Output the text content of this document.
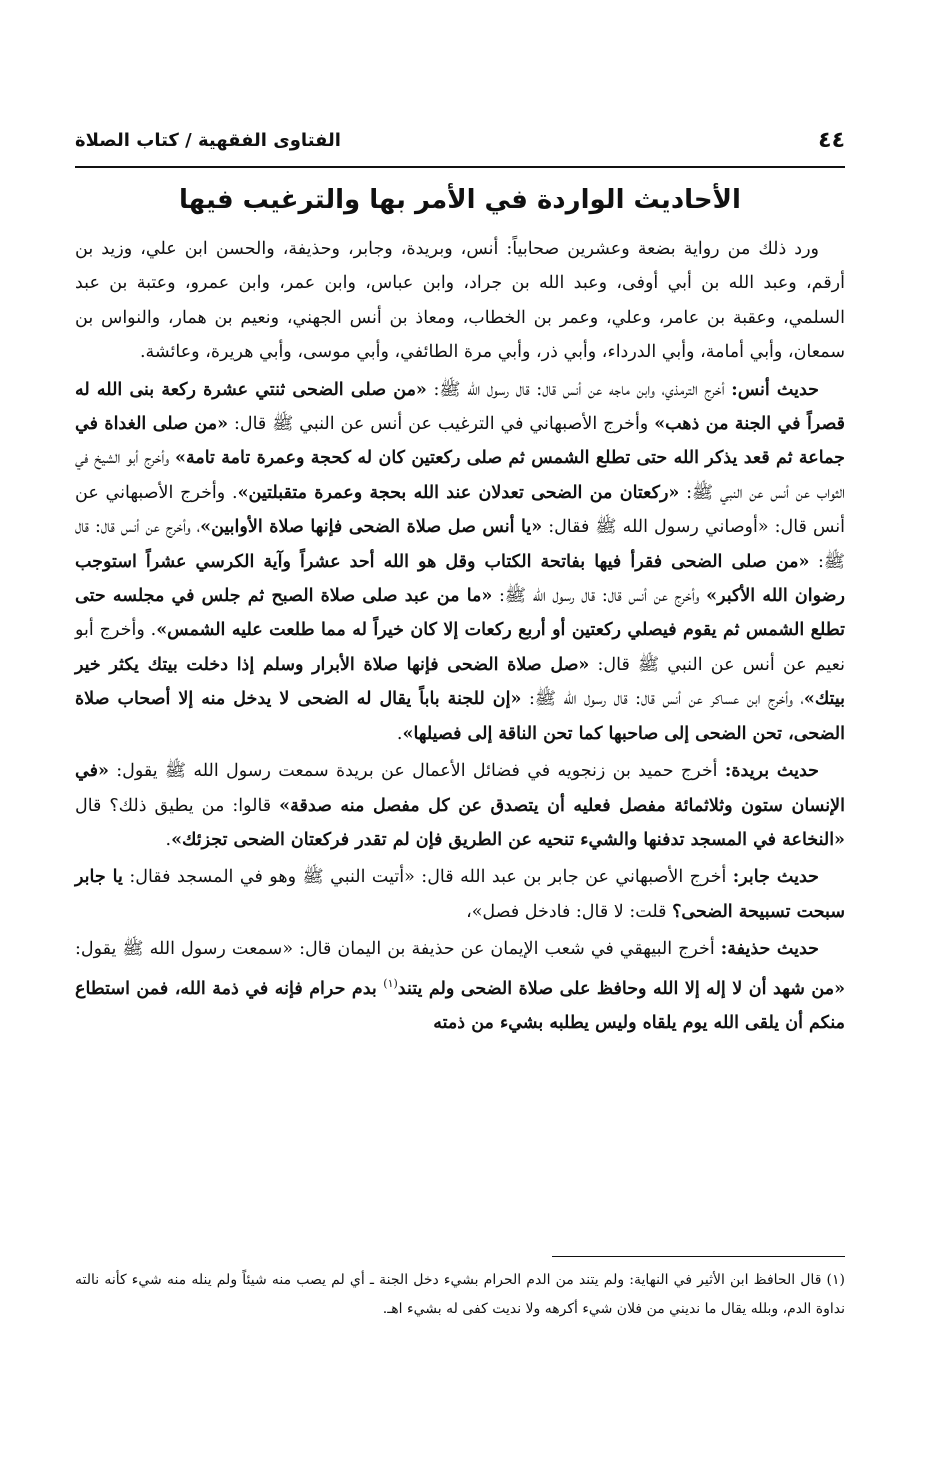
٤٤
الفتاوى الفقهية / كتاب الصلاة
الأحاديث الواردة في الأمر بها والترغيب فيها

ورد ذلك من رواية بضعة وعشرين صحابياً: أنس، وبريدة، وجابر، وحذيفة، والحسن ابن علي، وزيد بن أرقم، وعبد الله بن أبي أوفى، وعبد الله بن جراد، وابن عباس، وابن عمر، وابن عمرو، وعتبة بن عبد السلمي، وعقبة بن عامر، وعلي، وعمر بن الخطاب، ومعاذ بن أنس الجهني، ونعيم بن همار، والنواس بن سمعان، وأبي أمامة، وأبي الدرداء، وأبي ذر، وأبي مرة الطائفي، وأبي موسى، وأبي هريرة، وعائشة.

حديث أنس: أخرج الترمذي، وابن ماجه عن أنس قال: قال رسول الله ﷺ: «من صلى الضحى ثنتي عشرة ركعة بنى الله له قصراً في الجنة من ذهب» وأخرج الأصبهاني في الترغيب عن أنس عن النبي ﷺ قال: «من صلى الغداة في جماعة ثم قعد يذكر الله حتى تطلع الشمس ثم صلى ركعتين كان له كحجة وعمرة تامة تامة» وأخرج أبو الشيخ في الثواب عن أنس عن النبي ﷺ: «ركعتان من الضحى تعدلان عند الله بحجة وعمرة متقبلتين». وأخرج الأصبهاني عن أنس قال: «أوصاني رسول الله ﷺ فقال: «يا أنس صل صلاة الضحى فإنها صلاة الأوابين»، وأخرج عن أنس قال: قال ﷺ: «من صلى الضحى فقرأ فيها بفاتحة الكتاب وقل هو الله أحد عشراً وآية الكرسي عشراً استوجب رضوان الله الأكبر» وأخرج عن أنس قال: قال رسول الله ﷺ: «ما من عبد صلى صلاة الصبح ثم جلس في مجلسه حتى تطلع الشمس ثم يقوم فيصلي ركعتين أو أربع ركعات إلا كان خيراً له مما طلعت عليه الشمس». وأخرج أبو نعيم عن أنس عن النبي ﷺ قال: «صل صلاة الضحى فإنها صلاة الأبرار وسلم إذا دخلت بيتك يكثر خير بيتك»، وأخرج ابن عساكر عن أنس قال: قال رسول الله ﷺ: «إن للجنة باباً يقال له الضحى لا يدخل منه إلا أصحاب صلاة الضحى، تحن الضحى إلى صاحبها كما تحن الناقة إلى فصيلها».

حديث بريدة: أخرج حميد بن زنجويه في فضائل الأعمال عن بريدة سمعت رسول الله ﷺ يقول: «في الإنسان ستون وثلاثمائة مفصل فعليه أن يتصدق عن كل مفصل منه صدقة» قالوا: من يطيق ذلك؟ قال «النخاعة في المسجد تدفنها والشيء تنحيه عن الطريق فإن لم تقدر فركعتان الضحى تجزئك».

حديث جابر: أخرج الأصبهاني عن جابر بن عبد الله قال: «أتيت النبي ﷺ وهو في المسجد فقال: يا جابر سبحت تسبيحة الضحى؟ قلت: لا قال: فادخل فصل»،

حديث حذيفة: أخرج البيهقي في شعب الإيمان عن حذيفة بن اليمان قال: «سمعت رسول الله ﷺ يقول: «من شهد أن لا إله إلا الله وحافظ على صلاة الضحى ولم يتند$^{(١)}$ بدم حرام فإنه في ذمة الله، فمن استطاع منكم أن يلقى الله يوم يلقاه وليس يطلبه بشيء من ذمته

(١) قال الحافظ ابن الأثير في النهاية: ولم يتند من الدم الحرام بشيء دخل الجنة ـ أي لم يصب منه شيئاً ولم ينله منه شيء كأنه نالته نداوة الدم، وبلله يقال ما نديني من فلان شيء أكرهه ولا نديت كفى له بشيء اهـ.
